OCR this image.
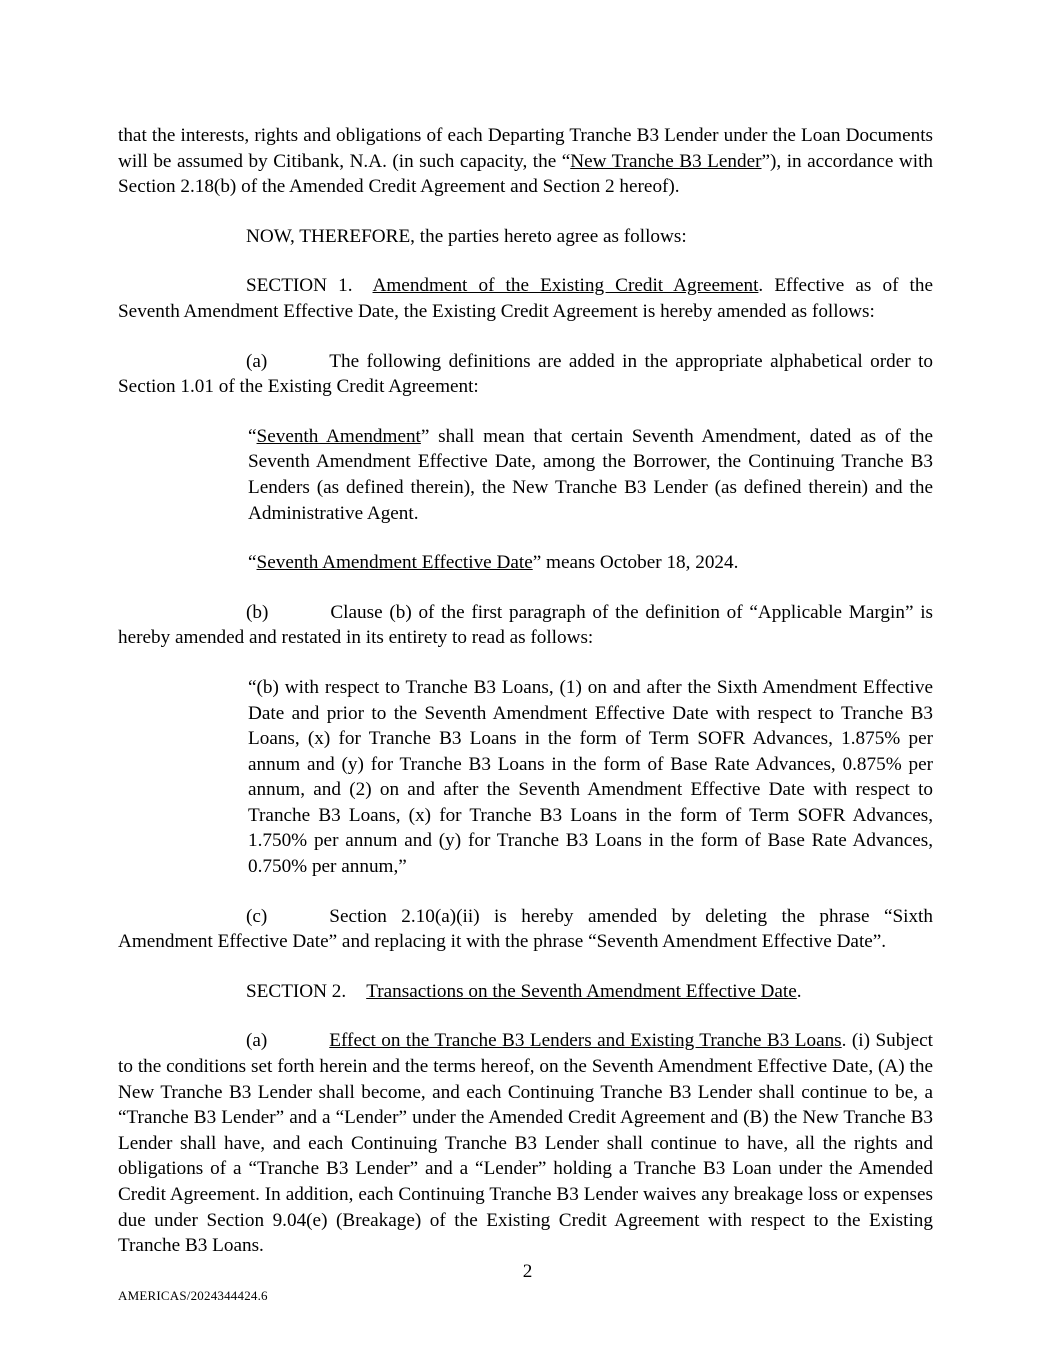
that the interests, rights and obligations of each Departing Tranche B3 Lender under the Loan Documents will be assumed by Citibank, N.A. (in such capacity, the “New Tranche B3 Lender”), in accordance with Section 2.18(b) of the Amended Credit Agreement and Section 2 hereof).

NOW, THEREFORE, the parties hereto agree as follows:

SECTION 1. Amendment of the Existing Credit Agreement. Effective as of the Seventh Amendment Effective Date, the Existing Credit Agreement is hereby amended as follows:

(a)	The following definitions are added in the appropriate alphabetical order to Section 1.01 of the Existing Credit Agreement:

“Seventh Amendment” shall mean that certain Seventh Amendment, dated as of the Seventh Amendment Effective Date, among the Borrower, the Continuing Tranche B3 Lenders (as defined therein), the New Tranche B3 Lender (as defined therein) and the Administrative Agent.

“Seventh Amendment Effective Date” means October 18, 2024.

(b)	Clause (b) of the first paragraph of the definition of “Applicable Margin” is hereby amended and restated in its entirety to read as follows:

“(b) with respect to Tranche B3 Loans, (1) on and after the Sixth Amendment Effective Date and prior to the Seventh Amendment Effective Date with respect to Tranche B3 Loans, (x) for Tranche B3 Loans in the form of Term SOFR Advances, 1.875% per annum and (y) for Tranche B3 Loans in the form of Base Rate Advances, 0.875% per annum, and (2) on and after the Seventh Amendment Effective Date with respect to Tranche B3 Loans, (x) for Tranche B3 Loans in the form of Term SOFR Advances, 1.750% per annum and (y) for Tranche B3 Loans in the form of Base Rate Advances, 0.750% per annum,”

(c)	Section 2.10(a)(ii) is hereby amended by deleting the phrase “Sixth Amendment Effective Date” and replacing it with the phrase “Seventh Amendment Effective Date”.

SECTION 2. Transactions on the Seventh Amendment Effective Date.

(a)	Effect on the Tranche B3 Lenders and Existing Tranche B3 Loans. (i) Subject to the conditions set forth herein and the terms hereof, on the Seventh Amendment Effective Date, (A) the New Tranche B3 Lender shall become, and each Continuing Tranche B3 Lender shall continue to be, a “Tranche B3 Lender” and a “Lender” under the Amended Credit Agreement and (B) the New Tranche B3 Lender shall have, and each Continuing Tranche B3 Lender shall continue to have, all the rights and obligations of a “Tranche B3 Lender” and a “Lender” holding a Tranche B3 Loan under the Amended Credit Agreement. In addition, each Continuing Tranche B3 Lender waives any breakage loss or expenses due under Section 9.04(e) (Breakage) of the Existing Credit Agreement with respect to the Existing Tranche B3 Loans.

2
AMERICAS/2024344424.6
